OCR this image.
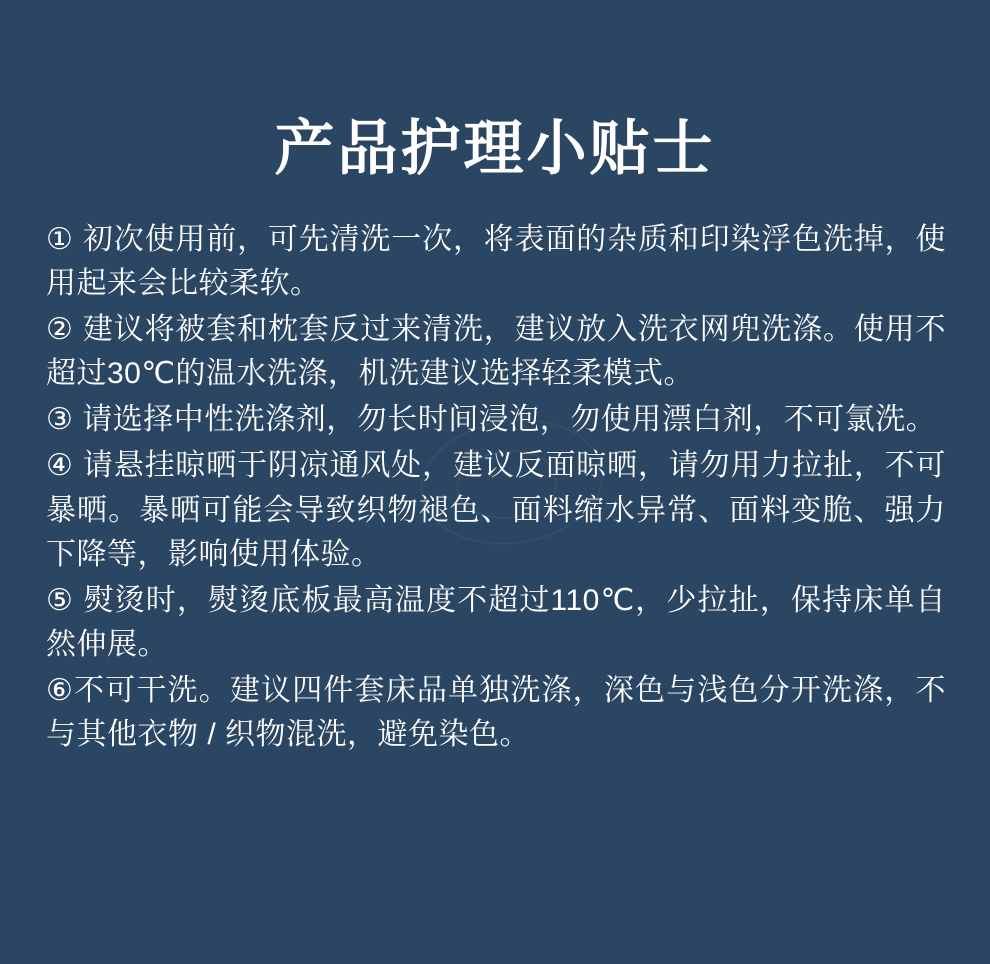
产品护理小贴士

① 初次使用前，可先清洗一次，将表面的杂质和印染浮色洗掉，使用起来会比较柔软。

② 建议将被套和枕套反过来清洗，建议放入洗衣网兜洗涤。使用不超过30℃的温水洗涤，机洗建议选择轻柔模式。

③ 请选择中性洗涤剂，勿长时间浸泡，勿使用漂白剂，不可氯洗。

④ 请悬挂晾晒于阴凉通风处，建议反面晾晒，请勿用力拉扯，不可暴晒。暴晒可能会导致织物褪色、面料缩水异常、面料变脆、强力下降等，影响使用体验。

⑤ 熨烫时，熨烫底板最高温度不超过110℃，少拉扯，保持床单自然伸展。

⑥不可干洗。建议四件套床品单独洗涤，深色与浅色分开洗涤，不与其他衣物 / 织物混洗，避免染色。
